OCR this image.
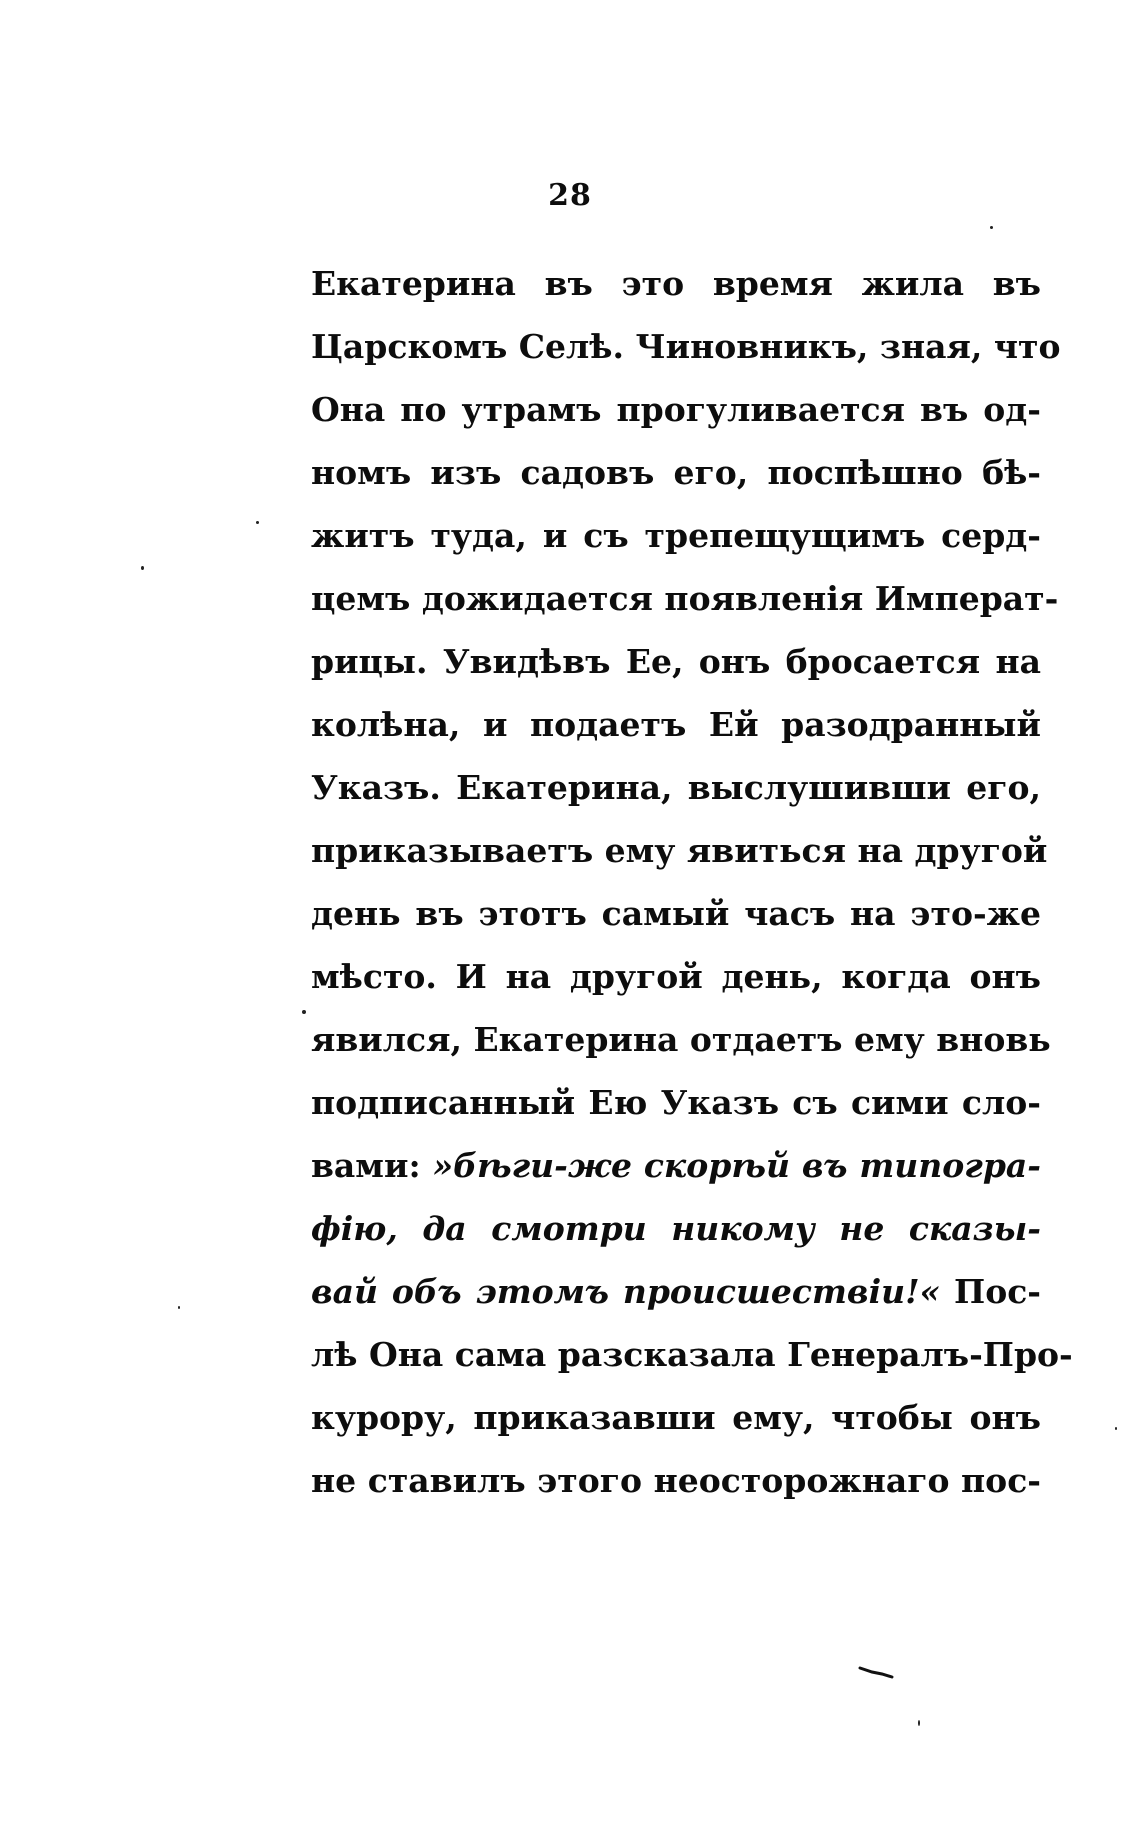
28
Екатерина въ это время жила въ
Царскомъ Селѣ. Чиновникъ, зная, что
Она по утрамъ прогуливается въ од-
номъ изъ садовъ его, поспѣшно бѣ-
житъ туда, и съ трепещущимъ серд-
цемъ дожидается появленія Императ-
рицы. Увидѣвъ Ее, онъ бросается на
колѣна, и подаетъ Ей разодранный
Указъ. Екатерина, выслушивши его,
приказываетъ ему явиться на другой
день въ этотъ самый часъ на это-же
мѣсто. И на другой день, когда онъ
явился, Екатерина отдаетъ ему вновь
подписанный Ею Указъ съ сими сло-
вами: »бѣги-же скорѣй въ типогра-
фію, да смотри никому не сказы-
вай объ этомъ происшествіи!« Пос-
лѣ Она сама разсказала Генералъ-Про-
курору, приказавши ему, чтобы онъ
не ставилъ этого неосторожнаго пос-
